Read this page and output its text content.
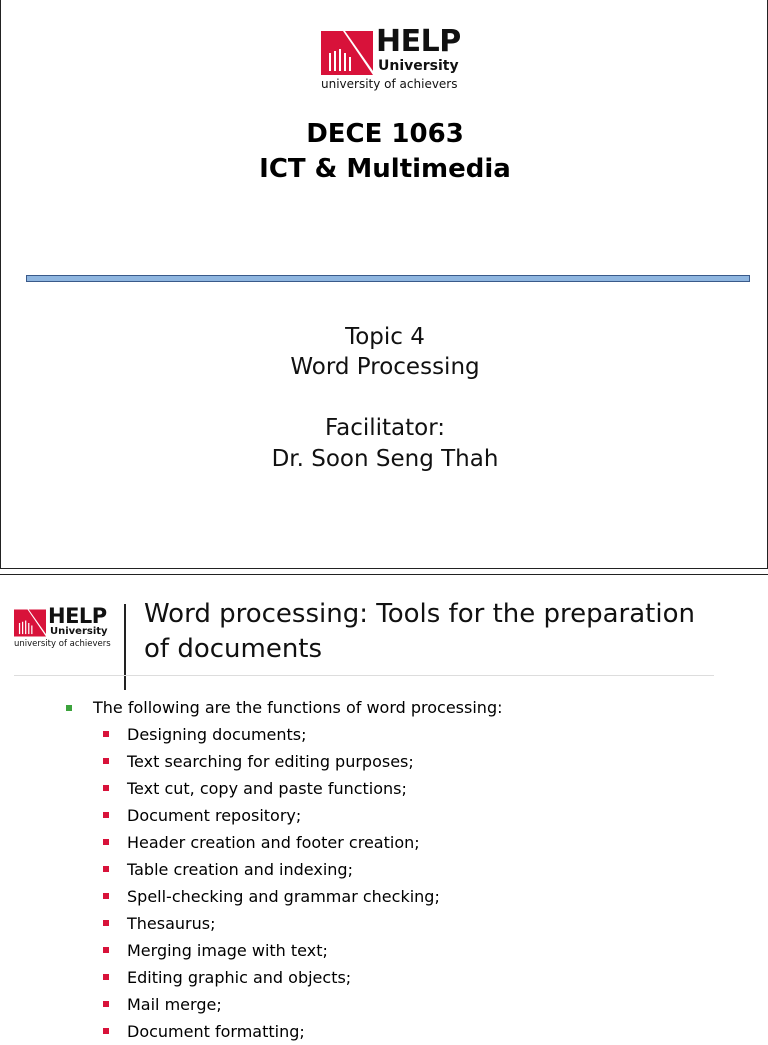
HELP
University
university of achievers
DECE 1063
ICT & Multimedia
Topic 4
Word Processing
Facilitator:
Dr. Soon Seng Thah
HELP
University
university of achievers
Word processing: Tools for the preparation
of documents
The following are the functions of word processing:
Designing documents;
Text searching for editing purposes;
Text cut, copy and paste functions;
Document repository;
Header creation and footer creation;
Table creation and indexing;
Spell-checking and grammar checking;
Thesaurus;
Merging image with text;
Editing graphic and objects;
Mail merge;
Document formatting;
